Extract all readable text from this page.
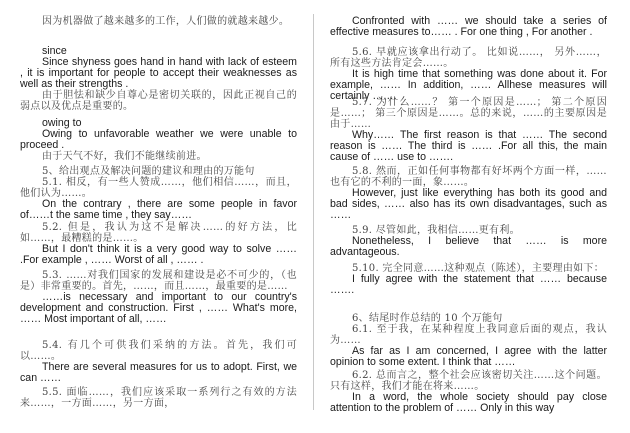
因为机器做了越来越多的工作，人们做的就越来越少。

since

Since shyness goes hand in hand with lack of esteem , it is important for people to accept their weaknesses as well as their strengths .

由于胆怯和缺少自尊心是密切关联的，因此正视自己的弱点以及优点是重要的。

owing to

Owing to unfavorable weather we were unable to proceed .

由于天气不好，我们不能继续前进。

5、给出观点及解决问题的建议和理由的万能句

5.1. 相反，有一些人赞成……，他们相信……，而且，他们认为……。

On the contrary , there are some people in favor of……t the same time , they say……

5.2. 但是，我认为这不是解决……的好方法，比如……，最糟糕的是……。

But I don't think it is a very good way to solve …… .For example , …… Worst of all , …… .

5.3. ……对我们国家的发展和建设是必不可少的，（也是）非常重要的。首先，……，而且……，最重要的是……

……is necessary and important to our country's development and construction. First , …… What's more, …… Most important of all, ……

5.4. 有几个可供我们采纳的方法。首先，我们可以……。

There are several measures for us to adopt. First, we can ……

5.5. 面临……，我们应该采取一系列行之有效的方法来……，一方面……，另一方面，

Confronted with …… we should take a series of effective measures to…… . For one thing , For another .

5.6. 早就应该拿出行动了。 比如说……， 另外……，所有这些方法肯定会……。

It is high time that something was done about it. For example, …… In addition, …… Allhese measures will certainly …….

5.7. 为什么……？ 第一个原因是……； 第二个原因是……； 第三个原因是……。总的来说，……的主要原因是由于……

Why…… The first reason is that …… The second reason is …… The third is …… .For all this, the main cause of …… use to …….

5.8. 然而，正如任何事物都有好坏两个方面一样，……也有它的不利的一面，象……。

However, just like everything has both its good and bad sides, …… also has its own disadvantages, such as ……

5.9. 尽管如此，我相信……更有利。

Nonetheless, I believe that …… is more advantageous.

5.10. 完全同意……这种观点（陈述），主要理由如下：

I fully agree with the statement that …… because …….

6、结尾时作总结的 10 个万能句

6.1. 至于我，在某种程度上我同意后面的观点，我认为……

As far as I am concerned, I agree with the latter opinion to some extent. I think that ……

6.2. 总而言之，整个社会应该密切关注……这个问题。只有这样，我们才能在将来……。

In a word, the whole society should pay close attention to the problem of …… Only in this way
